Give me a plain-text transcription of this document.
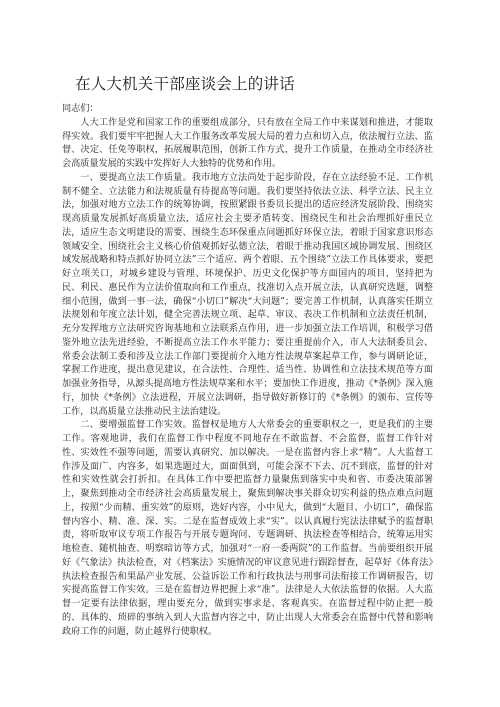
在人大机关干部座谈会上的讲话

同志们：

人大工作是党和国家工作的重要组成部分，只有放在全局工作中来谋划和推进，才能取得实效。我们要牢牢把握人大工作服务改革发展大局的着力点和切入点，依法履行立法、监督、决定、任免等职权，拓展履职范围，创新工作方式，提升工作质量，在推动全市经济社会高质量发展的实践中发挥好人大独特的优势和作用。

一、要提高立法工作质量。我市地方立法尚处于起步阶段，存在立法经验不足、工作机制不健全、立法能力和法规质量有待提高等问题。我们要坚持依法立法、科学立法、民主立法，加强对地方立法工作的统筹协调，按照紧跟书委员长提出的适应经济发展阶段、围绕实现高质量发展抓好高质量立法，适应社会主要矛盾转变、围绕民生和社会治理抓好重民立法，适应生态文明建设的需要、围绕生态环保重点问题抓好环保立法，着眼于国家意识形态领域安全、围绕社会主义核心价值观抓好弘德立法，着眼于推动我国区域协调发展、围绕区域发展战略和特点抓好协同立法”三个适应、两个着眼、五个围绕”立法工作具体要求，要把好立项关口，对城乡建设与管理、环境保护、历史文化保护等方面国内的项目，坚持把为民、利民、惠民作为立法价值取向和工作重点，找准切入点开展立法，认真研究选题，调整细小范围，做到一事一法，确保“小切口”解决“大问题”；要完善工作机制，认真落实任期立法规划和年度立法计划，健全完善法规立项、起草、审议、表决工作机制和立法责任机制，充分发挥地方立法研究咨询基地和立法联系点作用，进一步加强立法工作培训，积极学习借鉴外地立法先进经验，不断提高立法工作水平能力；要注重提前介入，市人大法制委员会、常委会法制工委和涉及立法工作部门要提前介入地方性法规草案起草工作，参与调研论证，掌握工作进度，提出意见建议，在合法性、合理性、适当性、协调性和立法技术规范等方面加强业务指导，从源头提高地方性法规草案和水平；要加快工作进度，推动《*条例》深入施行，加快《*条例》立法进程，开展立法调研，指导做好新修订的《*条例》的颁布、宣传等工作，以高质量立法推动民主法治建设。

二、要增强监督工作实效。监督权是地方人大常委会的重要职权之一，更是我们的主要工作。客观地讲，我们在监督工作中程度不同地存在不敢监督、不会监督，监督工作针对性、实效性不强等问题，需要认真研究、加以解决。一是在监督内容上求“精”。人大监督工作涉及面广、内容多，如果选题过大，面面俱到，可能会深不下去、沉不到底，监督的针对性和实效性就会打折扣。在具体工作中要把监督力量聚焦到落实中央和省、市委决策部署上，聚焦到推动全市经济社会高质量发展上，聚焦到解决事关群众切实利益的热点难点问题上，按照“少而精、重实效”的原则，选好内容，小中见大，做到“大题目、小切口”，确保监督内容小、精、准、深、实。二是在监督成效上求“实”。以认真履行宪法法律赋予的监督职责，将听取审议专项工作报告与开展专题询问、专题调研、执法检查等相结合，统筹运用实地检查、随机抽查、明察暗访等方式，加强对“一府一委两院”的工作监督。当前要组织开展好《气象法》执法检查，对《档案法》实施情况的审议意见进行跟踪督查，起草好《体育法》执法检查报告和果晶产业发展、公益诉讼工作和行政执法与刑事司法衔接工作调研报告，切实提高监督工作实效。三是在监督边界把握上求“准”。法律是人大依法监督的依据。人大监督一定要有法律依据，理由要充分，做到实事求是、客观真实。在监督过程中防止把一般的、具体的、琐碎的事纳入到人大监督内容之中，防止出现人大常委会在监督中代替和影响政府工作的问题，防止越界行使职权。
